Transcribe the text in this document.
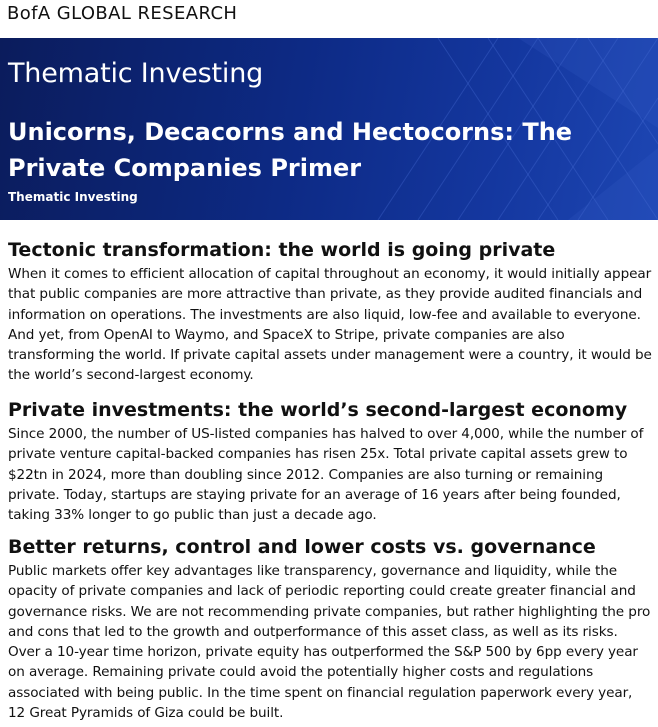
BofA GLOBAL RESEARCH
Thematic Investing
Unicorns, Decacorns and Hectocorns: The Private Companies Primer
Thematic Investing
Tectonic transformation: the world is going private

When it comes to efficient allocation of capital throughout an economy, it would initially appear that public companies are more attractive than private, as they provide audited financials and information on operations. The investments are also liquid, low-fee and available to everyone. And yet, from OpenAI to Waymo, and SpaceX to Stripe, private companies are also transforming the world. If private capital assets under management were a country, it would be the world’s second-largest economy.

Private investments: the world’s second-largest economy

Since 2000, the number of US-listed companies has halved to over 4,000, while the number of private venture capital-backed companies has risen 25x. Total private capital assets grew to $22tn in 2024, more than doubling since 2012. Companies are also turning or remaining private. Today, startups are staying private for an average of 16 years after being founded, taking 33% longer to go public than just a decade ago.

Better returns, control and lower costs vs. governance

Public markets offer key advantages like transparency, governance and liquidity, while the opacity of private companies and lack of periodic reporting could create greater financial and governance risks. We are not recommending private companies, but rather highlighting the pro and cons that led to the growth and outperformance of this asset class, as well as its risks. Over a 10-year time horizon, private equity has outperformed the S&P 500 by 6pp every year on average. Remaining private could avoid the potentially higher costs and regulations associated with being public. In the time spent on financial regulation paperwork every year, 12 Great Pyramids of Giza could be built.
